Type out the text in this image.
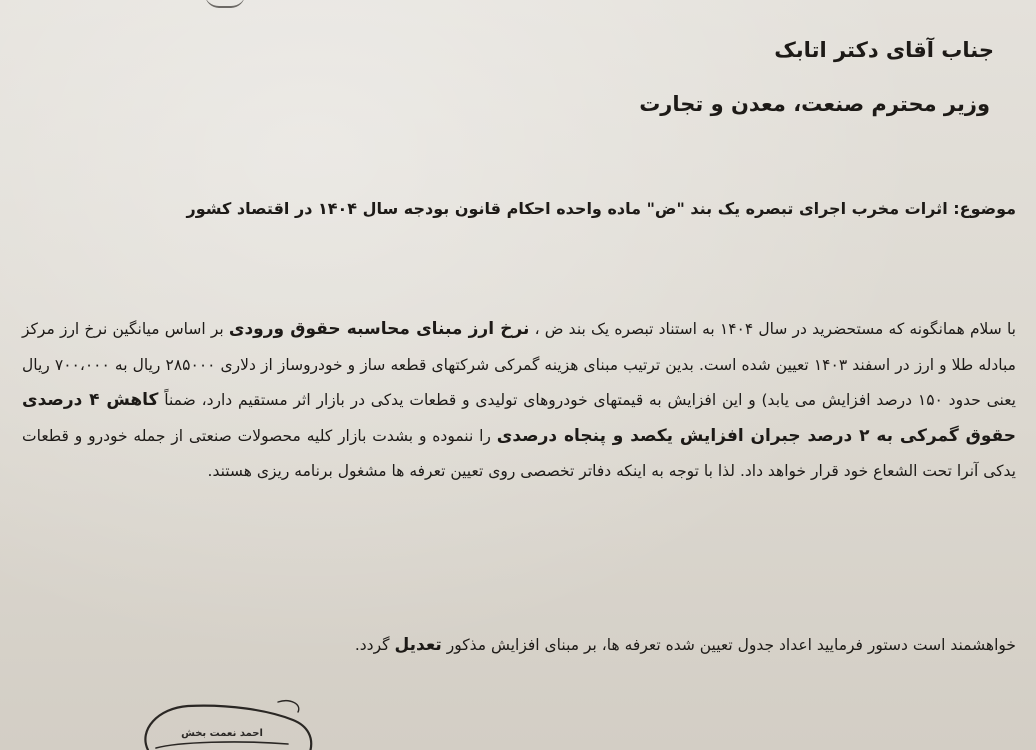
جناب آقای دکتر اتابک
وزیر محترم صنعت، معدن و تجارت
موضوع: اثرات مخرب اجرای تبصره یک بند "ض" ماده واحده احکام قانون بودجه سال ۱۴۰۴ در اقتصاد کشور
با سلام همانگونه که مستحضرید در سال ۱۴۰۴ به استناد تبصره یک بند ض ، نرخ ارز مبنای محاسبه حقوق ورودی بر اساس میانگین نرخ ارز مرکز مبادله طلا و ارز در اسفند ۱۴۰۳ تعیین شده است. بدین ترتیب مبنای هزینه گمرکی شرکتهای قطعه ساز و خودروساز از دلاری ۲۸۵۰۰۰ ریال به ۷۰۰،۰۰۰ ریال یعنی حدود ۱۵۰ درصد افزایش می یابد) و این افزایش به قیمتهای خودروهای تولیدی و قطعات یدکی در بازار اثر مستقیم دارد، ضمناً کاهش ۴ درصدی حقوق گمرکی به ۲ درصد جبران افزایش یکصد و پنجاه درصدی را ننموده و بشدت بازار کلیه محصولات صنعتی از جمله خودرو و قطعات یدکی آنرا تحت الشعاع خود قرار خواهد داد. لذا با توجه به اینکه دفاتر تخصصی روی تعیین تعرفه ها مشغول برنامه ریزی هستند.
خواهشمند است دستور فرمایید اعداد جدول تعیین شده تعرفه ها، بر مبنای افزایش مذکور تعدیل گردد.
احمد نعمت بخش
